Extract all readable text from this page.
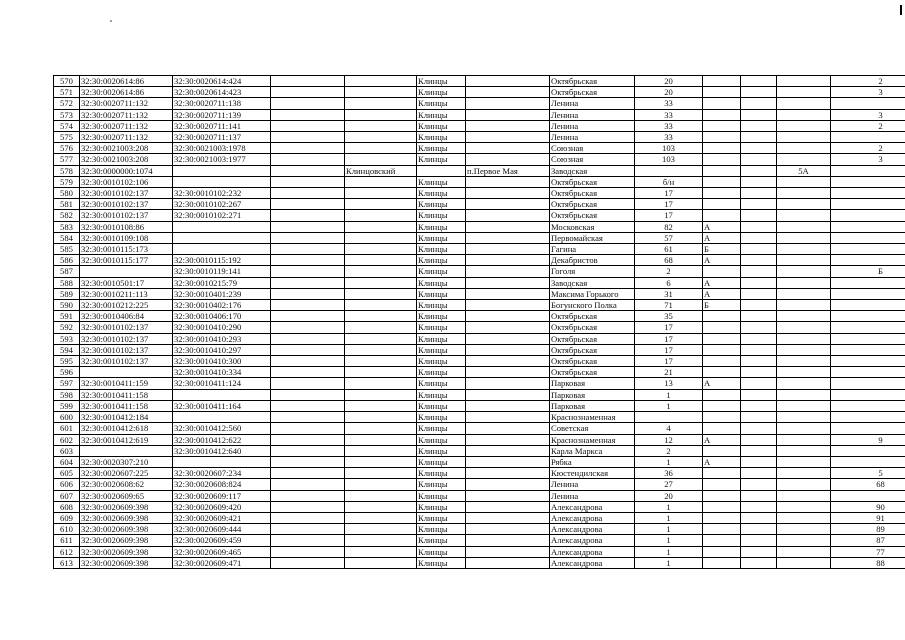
570	32:30:0020614:86	32:30:0020614:424			Клинцы		Октябрьская	20				2
571	32:30:0020614:86	32:30:0020614:423			Клинцы		Октябрьская	20				3
572	32:30:0020711:132	32:30:0020711:138			Клинцы		Ленина	33				
573	32:30:0020711:132	32:30:0020711:139			Клинцы		Ленина	33				3
574	32:30:0020711:132	32:30:0020711:141			Клинцы		Ленина	33				2
575	32:30:0020711:132	32:30:0020711:137			Клинцы		Ленина	33				
576	32:30:0021003:208	32:30:0021003:1978			Клинцы		Союзная	103				2
577	32:30:0021003:208	32:30:0021003:1977			Клинцы		Союзная	103				3
578	32:30:0000000:1074			Клинцовский		п.Первое Мая	Заводская				5А	
579	32:30:0010102:106				Клинцы		Октябрьская	б/н				
580	32:30:0010102:137	32:30:0010102:232			Клинцы		Октябрьская	17				
581	32:30:0010102:137	32:30:0010102:267			Клинцы		Октябрьская	17				
582	32:30:0010102:137	32:30:0010102:271			Клинцы		Октябрьская	17				
583	32:30:0010108:86				Клинцы		Московская	82	А			
584	32:30:0010109:108				Клинцы		Первомайская	57	А			
585	32:30:0010115:173				Клинцы		Гагина	61	Б			
586	32:30:0010115:177	32:30:0010115:192			Клинцы		Декабристов	68	А			
587		32:30:0010119:141			Клинцы		Гоголя	2				Б
588	32:30:0010501:17	32:30:0010215:79			Клинцы		Заводская	6	А			
589	32:30:0010211:113	32:30:0010401:239			Клинцы		Максима Горького	31	А			
590	32:30:0010212:225	32:30:0010402:176			Клинцы		Богунского Полка	71	Б			
591	32:30:0010406:84	32:30:0010406:170			Клинцы		Октябрьская	35				
592	32:30:0010102:137	32:30:0010410:290			Клинцы		Октябрьская	17				
593	32:30:0010102:137	32:30:0010410:293			Клинцы		Октябрьская	17				
594	32:30:0010102:137	32:30:0010410:297			Клинцы		Октябрьская	17				
595	32:30:0010102:137	32:30:0010410:300			Клинцы		Октябрьская	17				
596		32:30:0010410:334			Клинцы		Октябрьская	21				
597	32:30:0010411:159	32:30:0010411:124			Клинцы		Парковая	13	А			
598	32:30:0010411:158				Клинцы		Парковая	1				
599	32:30:0010411:158	32:30:0010411:164			Клинцы		Парковая	1				
600	32:30:0010412:184				Клинцы		Краснознаменная					
601	32:30:0010412:618	32:30:0010412:560			Клинцы		Советская	4				
602	32:30:0010412:619	32:30:0010412:622			Клинцы		Краснознаменная	12	А			9
603		32:30:0010412:640			Клинцы		Карла Маркса	2				
604	32:30:0020307:210				Клинцы		Рябка	1	А			
605	32:30:0020607:225	32:30:0020607:234			Клинцы		Кюстендилская	36				5
606	32:30:0020608:62	32:30:0020608:824			Клинцы		Ленина	27				68
607	32:30:0020609:65	32:30:0020609:117			Клинцы		Ленина	20				
608	32:30:0020609:398	32:30:0020609:420			Клинцы		Александрова	1				90
609	32:30:0020609:398	32:30:0020609:421			Клинцы		Александрова	1				91
610	32:30:0020609:398	32:30:0020609:444			Клинцы		Александрова	1				89
611	32:30:0020609:398	32:30:0020609:459			Клинцы		Александрова	1				87
612	32:30:0020609:398	32:30:0020609:465			Клинцы		Александрова	1				77
613	32:30:0020609:398	32:30:0020609:471			Клинцы		Александрова	1				88
